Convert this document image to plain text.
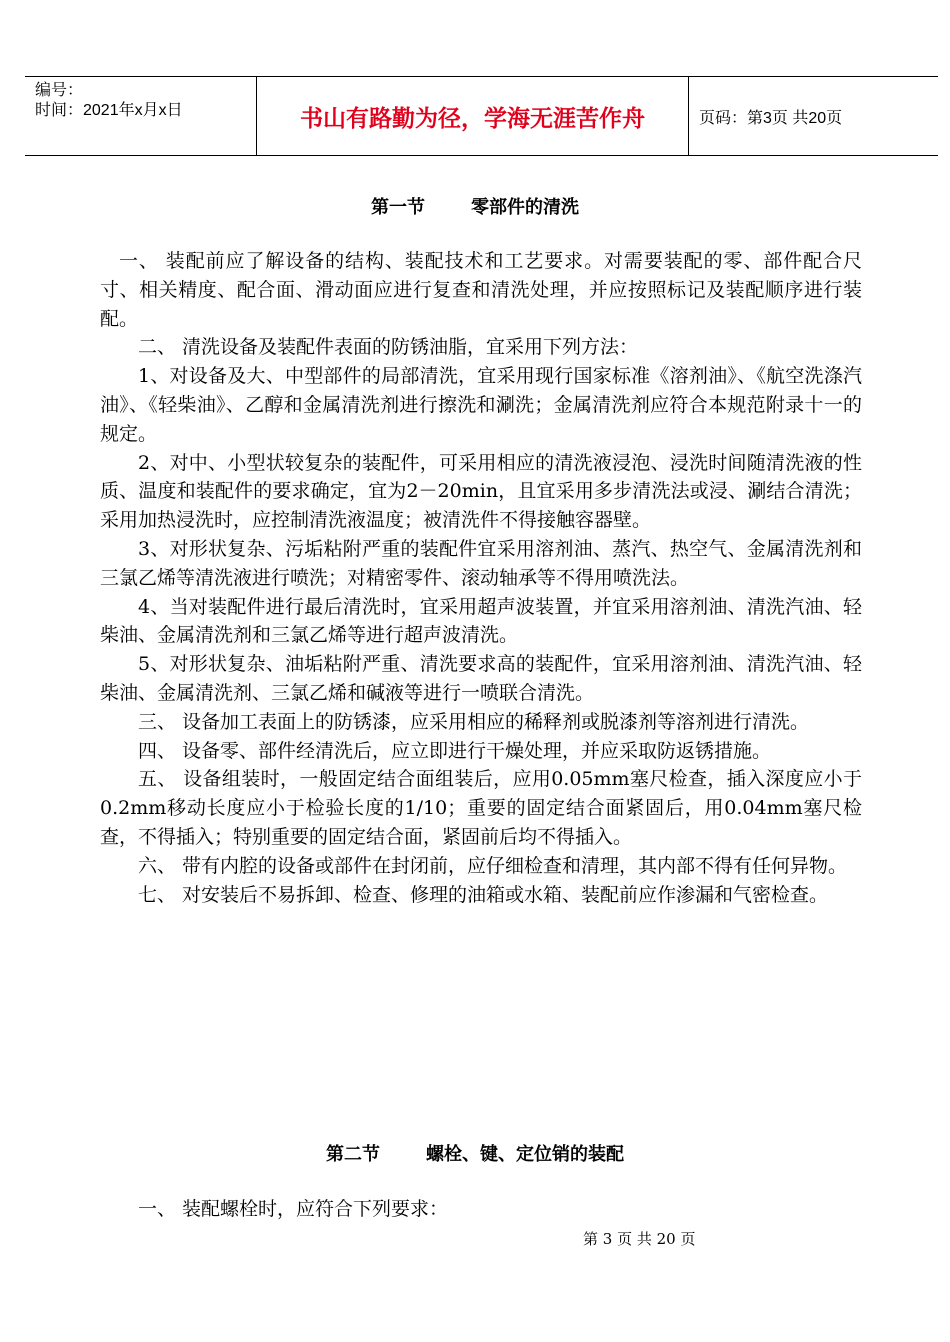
编号：
时间：2021年x月x日	书山有路勤为径，学海无涯苦作舟	页码：第3页 共20页
第一节	零部件的清洗

一、 装配前应了解设备的结构、装配技术和工艺要求。对需要装配的零、部件配合尺寸、相关精度、配合面、滑动面应进行复查和清洗处理，并应按照标记及装配顺序进行装配。

二、 清洗设备及装配件表面的防锈油脂，宜采用下列方法：

1、对设备及大、中型部件的局部清洗，宜采用现行国家标准《溶剂油》、《航空洗涤汽油》、《轻柴油》、乙醇和金属清洗剂进行擦洗和涮洗；金属清洗剂应符合本规范附录十一的规定。

2、对中、小型状较复杂的装配件，可采用相应的清洗液浸泡、浸洗时间随清洗液的性质、温度和装配件的要求确定，宜为2－20min，且宜采用多步清洗法或浸、涮结合清洗；采用加热浸洗时，应控制清洗液温度；被清洗件不得接触容器壁。

3、对形状复杂、污垢粘附严重的装配件宜采用溶剂油、蒸汽、热空气、金属清洗剂和三氯乙烯等清洗液进行喷洗；对精密零件、滚动轴承等不得用喷洗法。

4、当对装配件进行最后清洗时，宜采用超声波装置，并宜采用溶剂油、清洗汽油、轻柴油、金属清洗剂和三氯乙烯等进行超声波清洗。

5、对形状复杂、油垢粘附严重、清洗要求高的装配件，宜采用溶剂油、清洗汽油、轻柴油、金属清洗剂、三氯乙烯和碱液等进行一喷联合清洗。

三、 设备加工表面上的防锈漆，应采用相应的稀释剂或脱漆剂等溶剂进行清洗。

四、 设备零、部件经清洗后，应立即进行干燥处理，并应采取防返锈措施。

五、 设备组装时，一般固定结合面组装后，应用0.05mm塞尺检查，插入深度应小于0.2mm移动长度应小于检验长度的1/10；重要的固定结合面紧固后，用0.04mm塞尺检查，不得插入；特别重要的固定结合面，紧固前后均不得插入。

六、 带有内腔的设备或部件在封闭前，应仔细检查和清理，其内部不得有任何异物。

七、 对安装后不易拆卸、检查、修理的油箱或水箱、装配前应作渗漏和气密检查。

第二节	螺栓、键、定位销的装配

一、 装配螺栓时，应符合下列要求：

第 3 页 共 20 页
